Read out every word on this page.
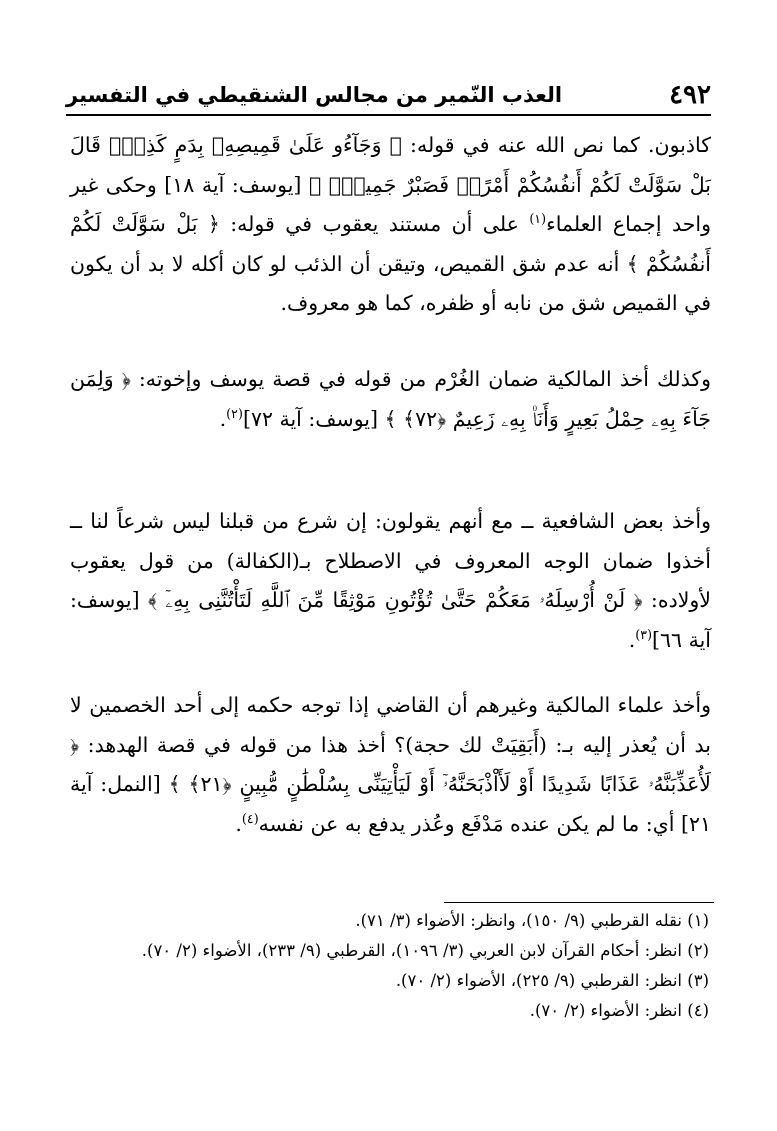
٤٩٢
العذب النّمير من مجالس الشنقيطي في التفسير

كاذبون. كما نص الله عنه في قوله: ﴿ وَجَآءُو عَلَىٰ قَمِيصِهِۦ بِدَمٍ كَذِبٍۚ قَالَ بَلْ سَوَّلَتْ لَكُمْ أَنفُسُكُمْ أَمْرًاۖ فَصَبْرٌ جَمِيلٌۖ ﴾ [يوسف: آية ١٨] وحكى غير واحد إجماع العلماء$^{(١)}$ على أن مستند يعقوب في قوله: ﴿ بَلْ سَوَّلَتْ لَكُمْ أَنفُسُكُمْ ﴾ أنه عدم شق القميص، وتيقن أن الذئب لو كان أكله لا بد أن يكون في القميص شق من نابه أو ظفره، كما هو معروف.

وكذلك أخذ المالكية ضمان الغُرْم من قوله في قصة يوسف وإخوته: ﴿ وَلِمَن جَآءَ بِهِۦ حِمْلُ بَعِيرٍ وَأَنَا۠ بِهِۦ زَعِيمٌ ﴿٧٢﴾ ﴾ [يوسف: آية ٧٢]$^{(٢)}$.

وأخذ بعض الشافعية ــ مع أنهم يقولون: إن شرع من قبلنا ليس شرعاً لنا ــ أخذوا ضمان الوجه المعروف في الاصطلاح بـ(الكفالة) من قول يعقوب لأولاده: ﴿ لَنْ أُرْسِلَهُۥ مَعَكُمْ حَتَّىٰ تُؤْتُونِ مَوْثِقًا مِّنَ ٱللَّهِ لَتَأْتُنَّنِى بِهِۦٓ ﴾ [يوسف: آية ٦٦]$^{(٣)}$.

وأخذ علماء المالكية وغيرهم أن القاضي إذا توجه حكمه إلى أحد الخصمين لا بد أن يُعذر إليه بـ: (أَبَقِيَتْ لك حجة)؟ أخذ هذا من قوله في قصة الهدهد: ﴿ لَأُعَذِّبَنَّهُۥ عَذَابًا شَدِيدًا أَوْ لَأَاْذْبَحَنَّهُۥٓ أَوْ لَيَأْتِيَنِّى بِسُلْطَٰنٍ مُّبِينٍ ﴿٢١﴾ ﴾ [النمل: آية ٢١] أي: ما لم يكن عنده مَدْفَع وعُذر يدفع به عن نفسه$^{(٤)}$.

(١) نقله القرطبي (٩/ ١٥٠)، وانظر: الأضواء (٣/ ٧١).
(٢) انظر: أحكام القرآن لابن العربي (٣/ ١٠٩٦)، القرطبي (٩/ ٢٣٣)، الأضواء (٢/ ٧٠).
(٣) انظر: القرطبي (٩/ ٢٢٥)، الأضواء (٢/ ٧٠).
(٤) انظر: الأضواء (٢/ ٧٠).
